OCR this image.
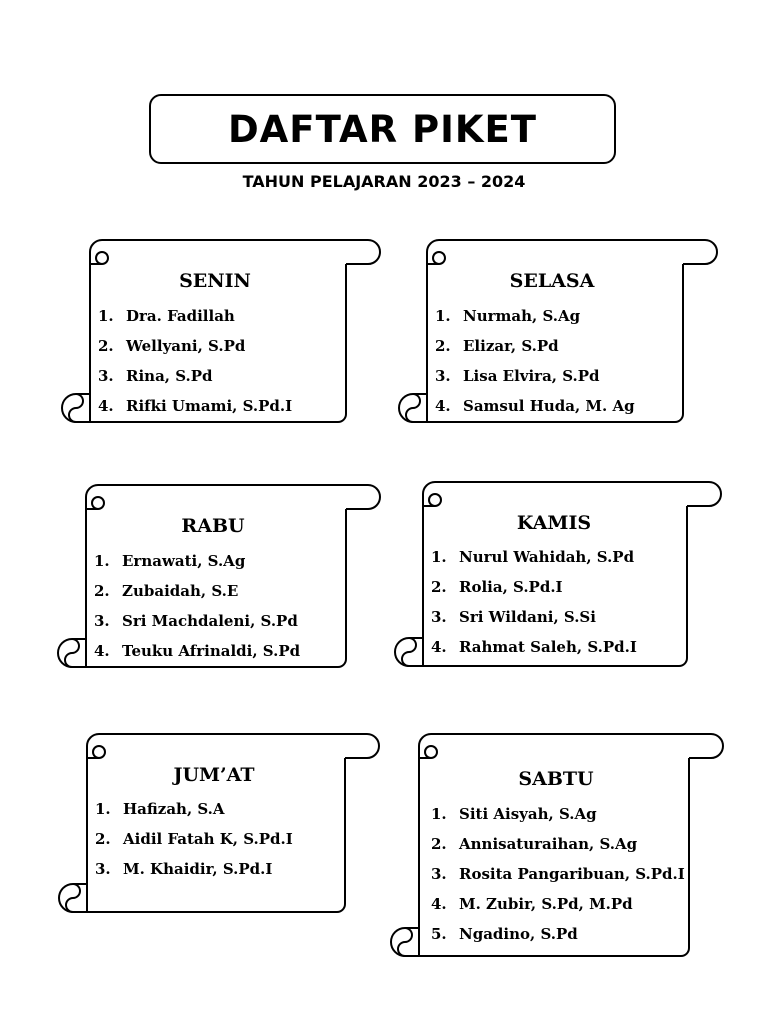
DAFTAR PIKET
TAHUN PELAJARAN 2023 – 2024
SENIN
1. Dra. Fadillah
2. Wellyani, S.Pd
3. Rina, S.Pd
4. Rifki Umami, S.Pd.I
SELASA
1. Nurmah, S.Ag
2. Elizar, S.Pd
3. Lisa Elvira, S.Pd
4. Samsul Huda, M. Ag
RABU
1. Ernawati, S.Ag
2. Zubaidah, S.E
3. Sri Machdaleni, S.Pd
4. Teuku Afrinaldi, S.Pd
KAMIS
1. Nurul Wahidah, S.Pd
2. Rolia, S.Pd.I
3. Sri Wildani, S.Si
4. Rahmat Saleh, S.Pd.I
JUM’AT
1. Hafizah, S.A
2. Aidil Fatah K, S.Pd.I
3. M. Khaidir, S.Pd.I
SABTU
1. Siti Aisyah, S.Ag
2. Annisaturaihan, S.Ag
3. Rosita Pangaribuan, S.Pd.I
4. M. Zubir, S.Pd, M.Pd
5. Ngadino, S.Pd
